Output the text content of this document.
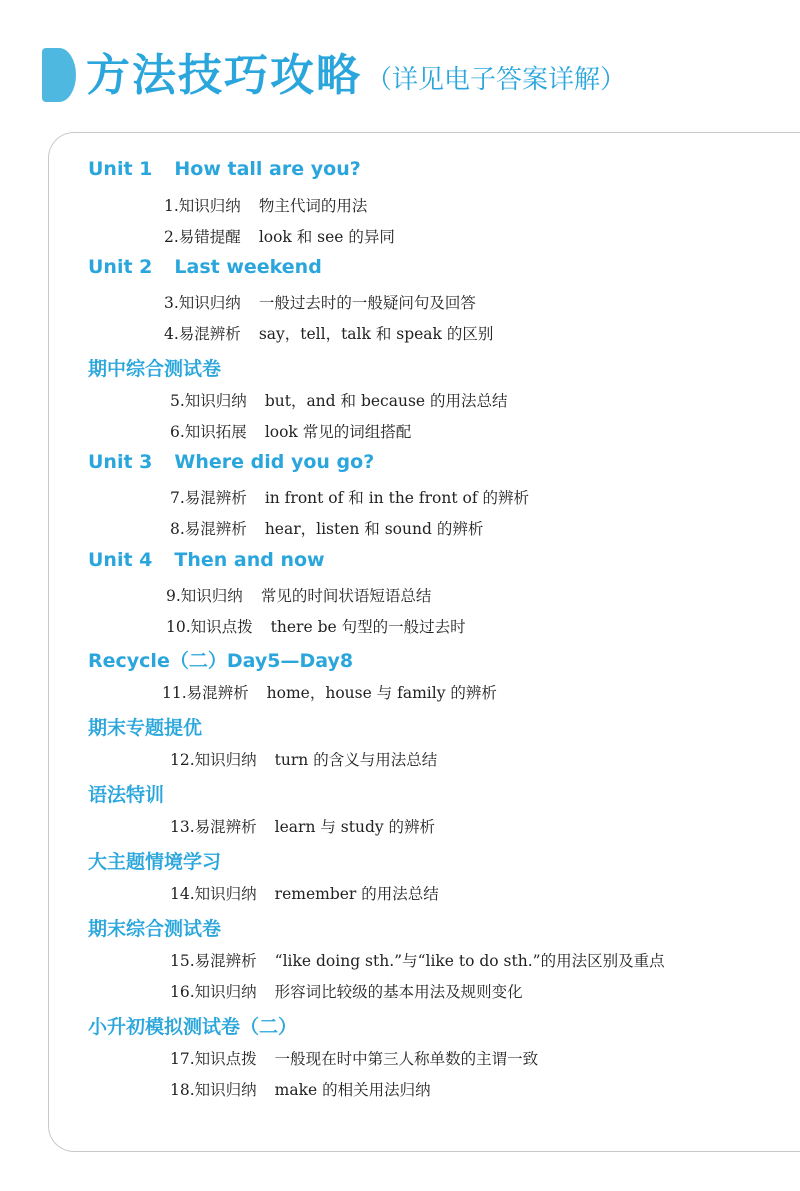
方法技巧攻略 （详见电子答案详解）
Unit 1 How tall are you?
1.知识归纳 物主代词的用法
2.易错提醒 look 和 see 的异同
Unit 2 Last weekend
3.知识归纳 一般过去时的一般疑问句及回答
4.易混辨析 say，tell，talk 和 speak 的区别
期中综合测试卷
5.知识归纳 but，and 和 because 的用法总结
6.知识拓展 look 常见的词组搭配
Unit 3 Where did you go?
7.易混辨析 in front of 和 in the front of 的辨析
8.易混辨析 hear，listen 和 sound 的辨析
Unit 4 Then and now
9.知识归纳 常见的时间状语短语总结
10.知识点拨 there be 句型的一般过去时
Recycle（二）Day5—Day8
11.易混辨析 home，house 与 family 的辨析
期末专题提优
12.知识归纳 turn 的含义与用法总结
语法特训
13.易混辨析 learn 与 study 的辨析
大主题情境学习
14.知识归纳 remember 的用法总结
期末综合测试卷
15.易混辨析 “like doing sth.”与“like to do sth.”的用法区别及重点
16.知识归纳 形容词比较级的基本用法及规则变化
小升初模拟测试卷（二）
17.知识点拨 一般现在时中第三人称单数的主谓一致
18.知识归纳 make 的相关用法归纳
